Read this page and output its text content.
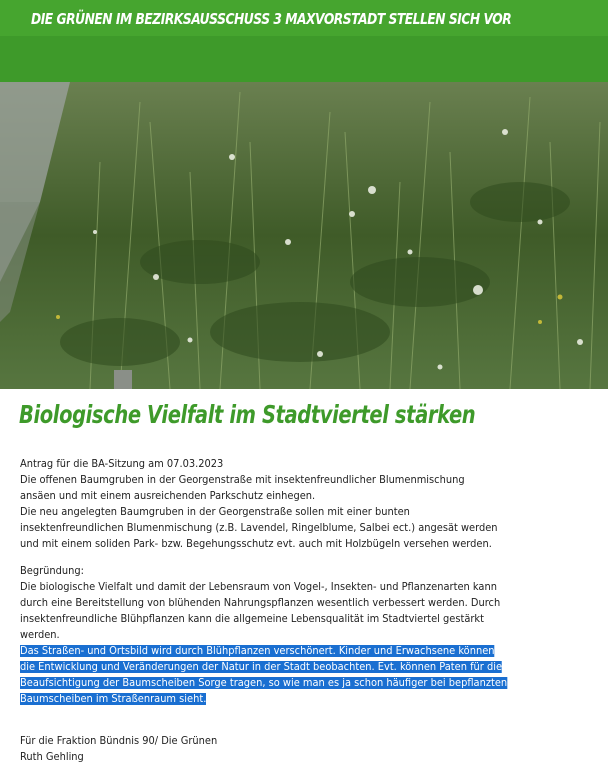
DIE GRÜNEN IM BEZIRKSAUSSCHUSS 3 MAXVORSTADT STELLEN SICH VOR
Biologische Vielfalt im Stadtviertel stärken
Antrag für die BA-Sitzung am 07.03.2023
Die offenen Baumgruben in der Georgenstraße mit insektenfreundlicher Blumenmischung
ansäen und mit einem ausreichenden Parkschutz einhegen.
Die neu angelegten Baumgruben in der Georgenstraße sollen mit einer bunten
insektenfreundlichen Blumenmischung (z.B. Lavendel, Ringelblume, Salbei ect.) angesät werden
und mit einem soliden Park- bzw. Begehungsschutz evt. auch mit Holzbügeln versehen werden.
Begründung:
Die biologische Vielfalt und damit der Lebensraum von Vogel-, Insekten- und Pflanzenarten kann
durch eine Bereitstellung von blühenden Nahrungspflanzen wesentlich verbessert werden. Durch
insektenfreundliche Blühpflanzen kann die allgemeine Lebensqualität im Stadtviertel gestärkt
werden.
Das Straßen- und Ortsbild wird durch Blühpflanzen verschönert. Kinder und Erwachsene können
die Entwicklung und Veränderungen der Natur in der Stadt beobachten. Evt. können Paten für die
Beaufsichtigung der Baumscheiben Sorge tragen, so wie man es ja schon häufiger bei bepflanzten
Baumscheiben im Straßenraum sieht.
Für die Fraktion Bündnis 90/ Die Grünen
Ruth Gehling
